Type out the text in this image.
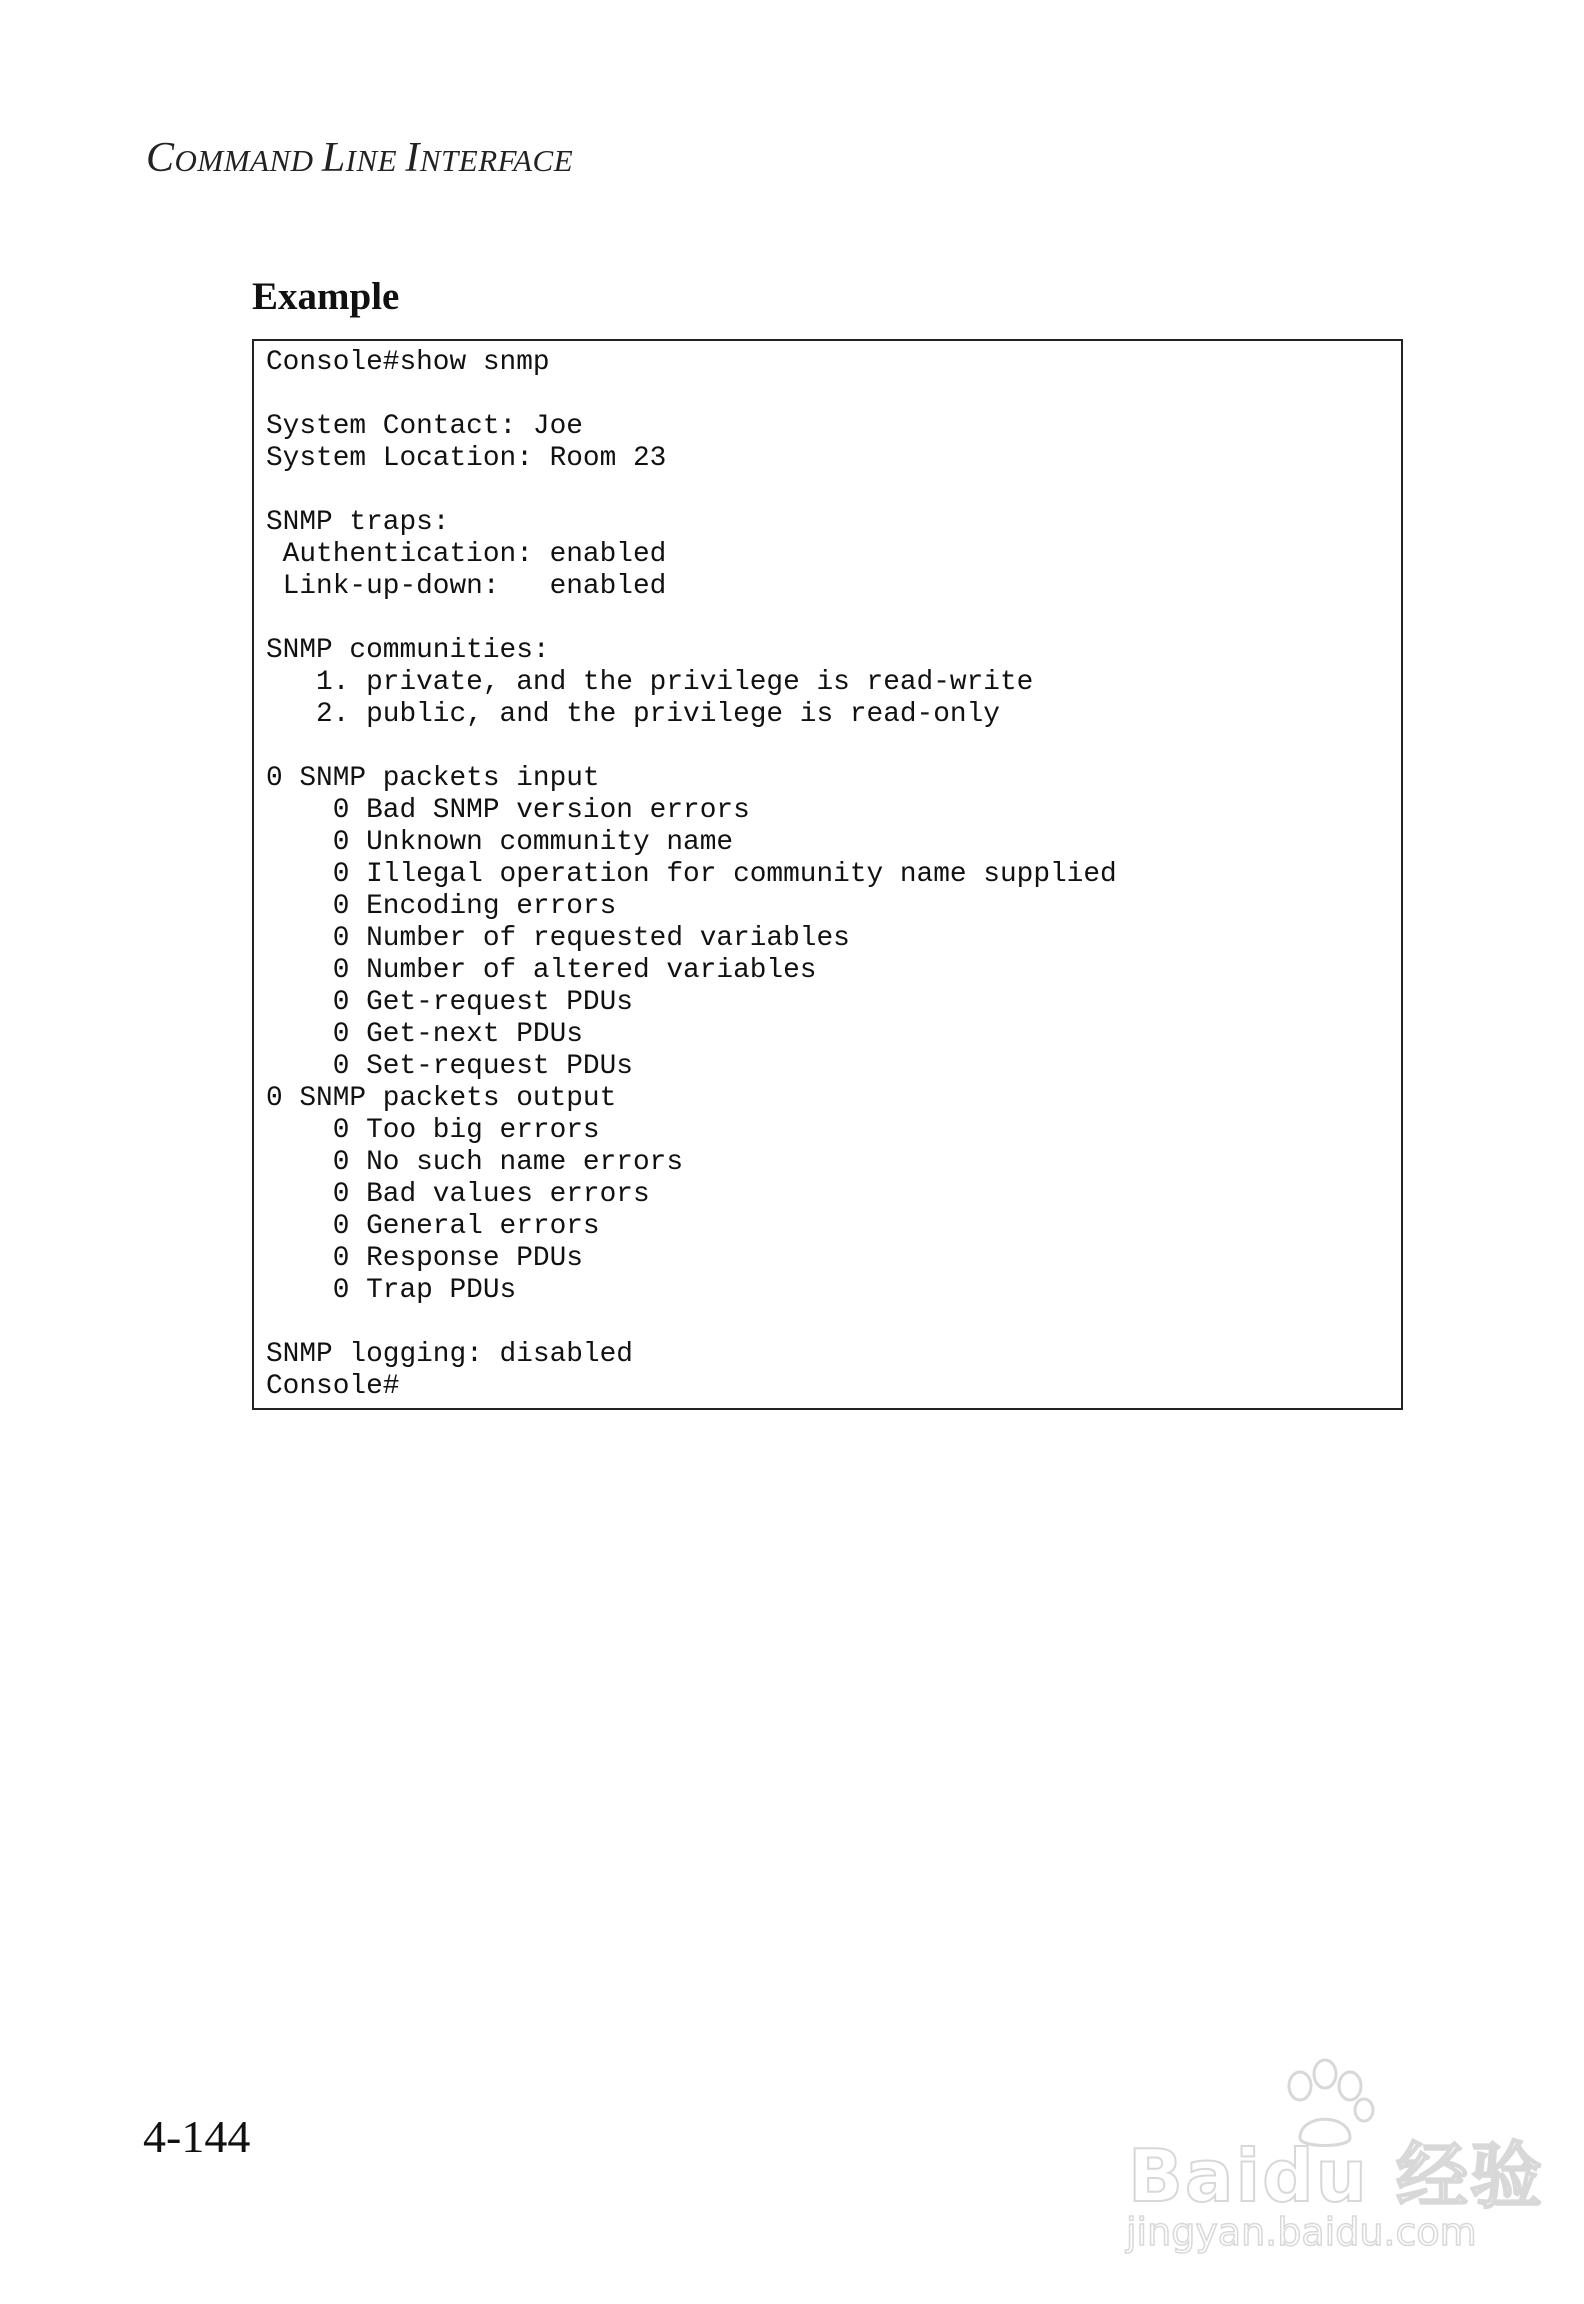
COMMAND LINE INTERFACE
Example
Console#show snmp
System Contact: Joe
System Location: Room 23
SNMP traps:
Authentication: enabled
Link-up-down:   enabled
SNMP communities:
1. private, and the privilege is read-write
2. public, and the privilege is read-only
0 SNMP packets input
0 Bad SNMP version errors
0 Unknown community name
0 Illegal operation for community name supplied
0 Encoding errors
0 Number of requested variables
0 Number of altered variables
0 Get-request PDUs
0 Get-next PDUs
0 Set-request PDUs
0 SNMP packets output
0 Too big errors
0 No such name errors
0 Bad values errors
0 General errors
0 Response PDUs
0 Trap PDUs
SNMP logging: disabled
Console#
4-144	Baidu 经验
jingyan.baidu.com
